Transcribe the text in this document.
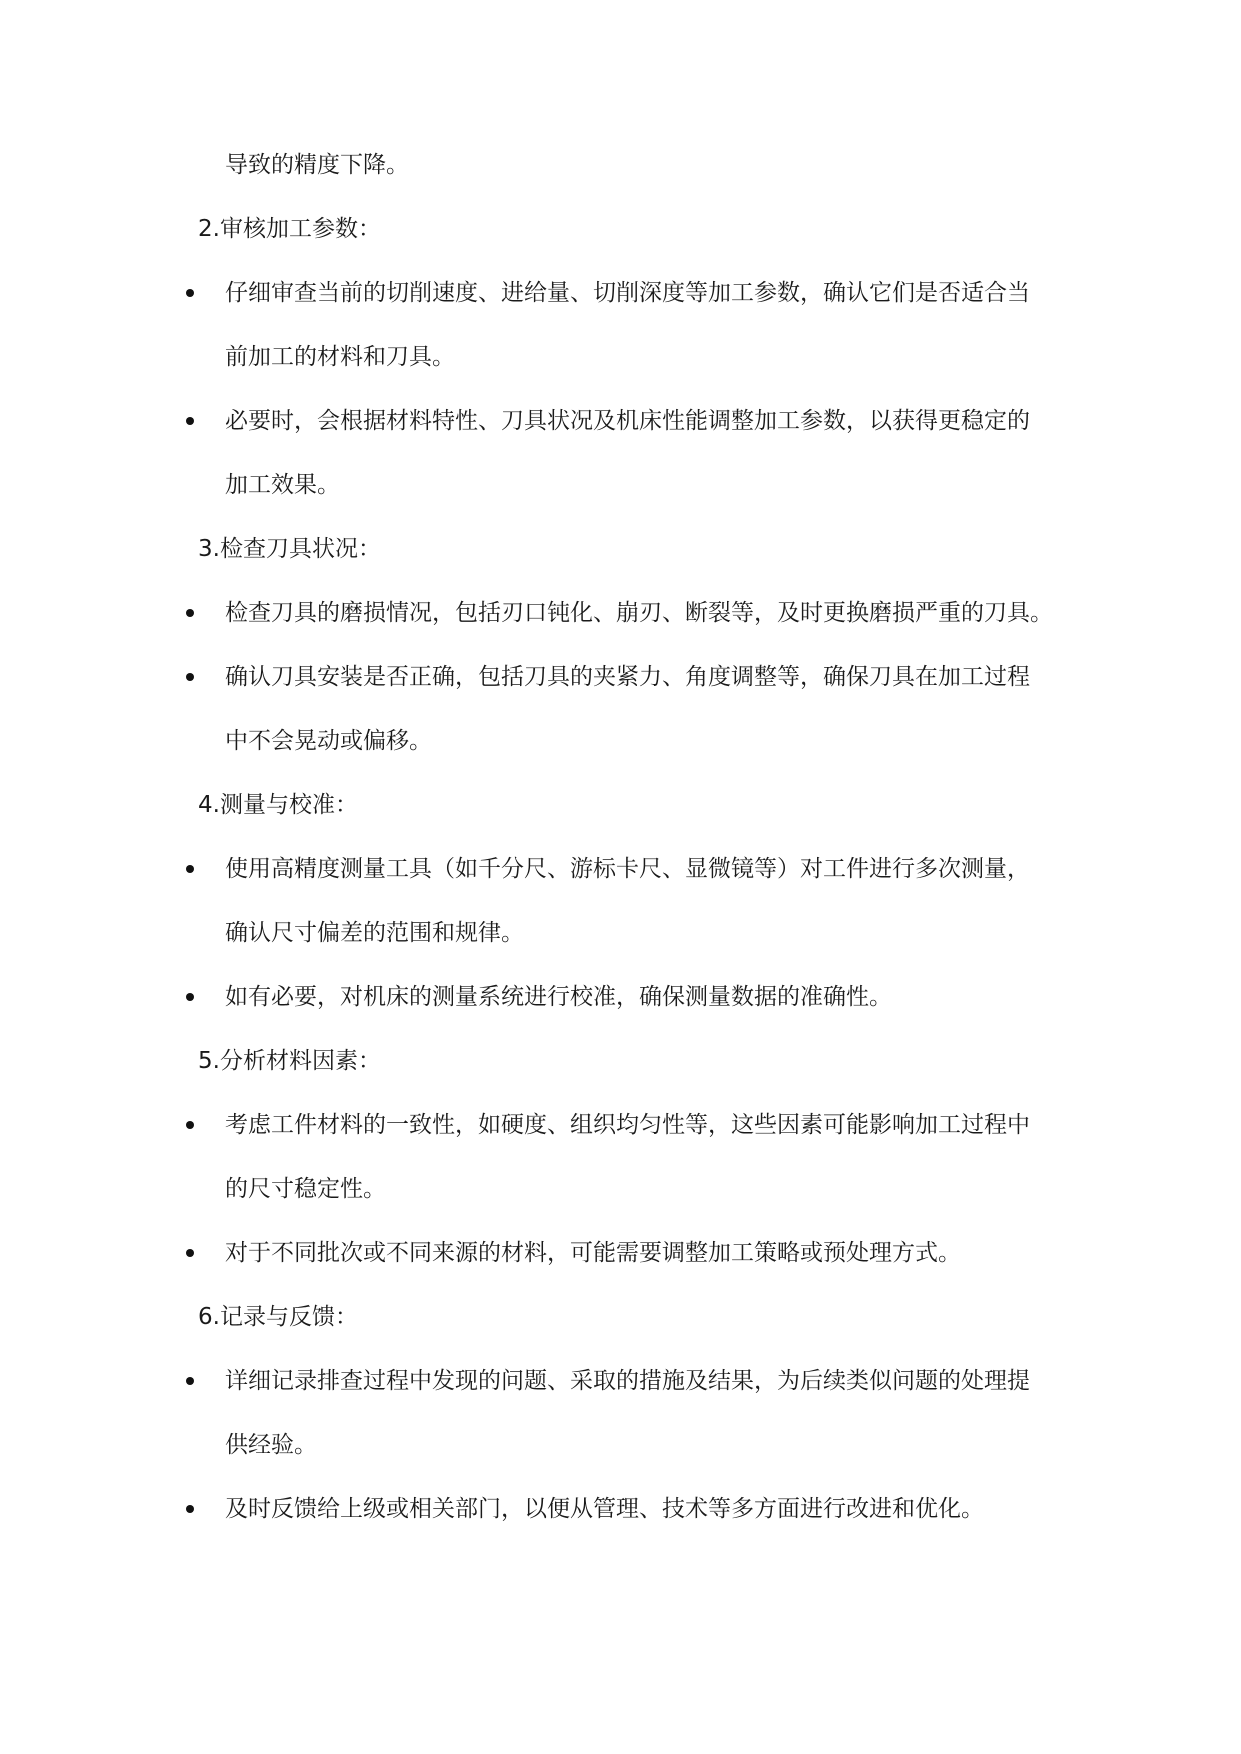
导致的精度下降。
2.审核加工参数：
仔细审查当前的切削速度、进给量、切削深度等加工参数，确认它们是否适合当
前加工的材料和刀具。
必要时，会根据材料特性、刀具状况及机床性能调整加工参数，以获得更稳定的
加工效果。
3.检查刀具状况：
检查刀具的磨损情况，包括刃口钝化、崩刃、断裂等，及时更换磨损严重的刀具。
确认刀具安装是否正确，包括刀具的夹紧力、角度调整等，确保刀具在加工过程
中不会晃动或偏移。
4.测量与校准：
使用高精度测量工具（如千分尺、游标卡尺、显微镜等）对工件进行多次测量，
确认尺寸偏差的范围和规律。
如有必要，对机床的测量系统进行校准，确保测量数据的准确性。
5.分析材料因素：
考虑工件材料的一致性，如硬度、组织均匀性等，这些因素可能影响加工过程中
的尺寸稳定性。
对于不同批次或不同来源的材料，可能需要调整加工策略或预处理方式。
6.记录与反馈：
详细记录排查过程中发现的问题、采取的措施及结果，为后续类似问题的处理提
供经验。
及时反馈给上级或相关部门，以便从管理、技术等多方面进行改进和优化。
